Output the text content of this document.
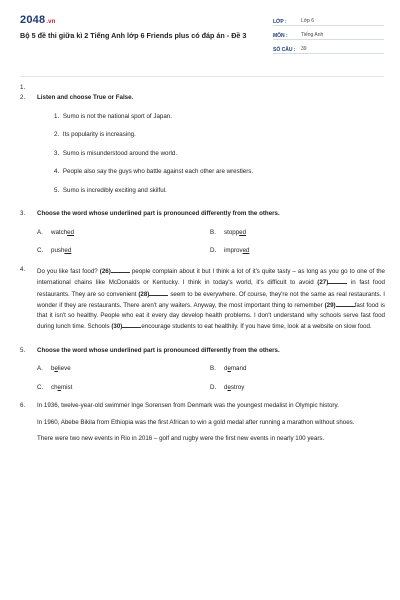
2048.vn
Bộ 5 đề thi giữa kì 2 Tiếng Anh lớp 6 Friends plus có đáp án - Đề 3
LỚP :	Lớp 6
MÔN :	Tiếng Anh
SỐ CÂU :	39
1.
2.	Listen and choose True or False.
1. Sumo is not the national sport of Japan.
2. Its popularity is increasing.
3. Sumo is misunderstood around the world.
4. People also say the guys who battle against each other are wrestlers.
5. Sumo is incredibly exciting and skilful.
3.	Choose the word whose underlined part is pronounced differently from the others.
A. watched	B. stopped
C. pushed	D. improved
4.	Do you like fast food? (26)	people complain about it but I think a lot of it's quite tasty – as long as you go to one of the international chains like McDonalds or Kentucky. I think in today's world, it's difficult to avoid (27)	in fast food restaurants. They are so convenient (28)	seem to be everywhere. Of course, they're not the same as real restaurants. I wonder if they are restaurants. There aren't any waiters. Anyway, the most important thing to remember (29)	fast food is that it isn't so healthy. People who eat it every day develop health problems. I don't understand why schools serve fast food during lunch time. Schools (30)	encourage students to eat healthily. If you have time, look at a website on slow food.
5.	Choose the word whose underlined part is pronounced differently from the others.
A. believe	B. demand
C. chemist	D. destroy
6.	In 1936, twelve-year-old swimmer Inge Sorensen from Denmark was the youngest medalist in Olympic history.
In 1960, Abebe Bikila from Ethiopia was the first African to win a gold medal after running a marathon without shoes.
There were two new events in Rio in 2016 – golf and rugby were the first new events in nearly 100 years.
